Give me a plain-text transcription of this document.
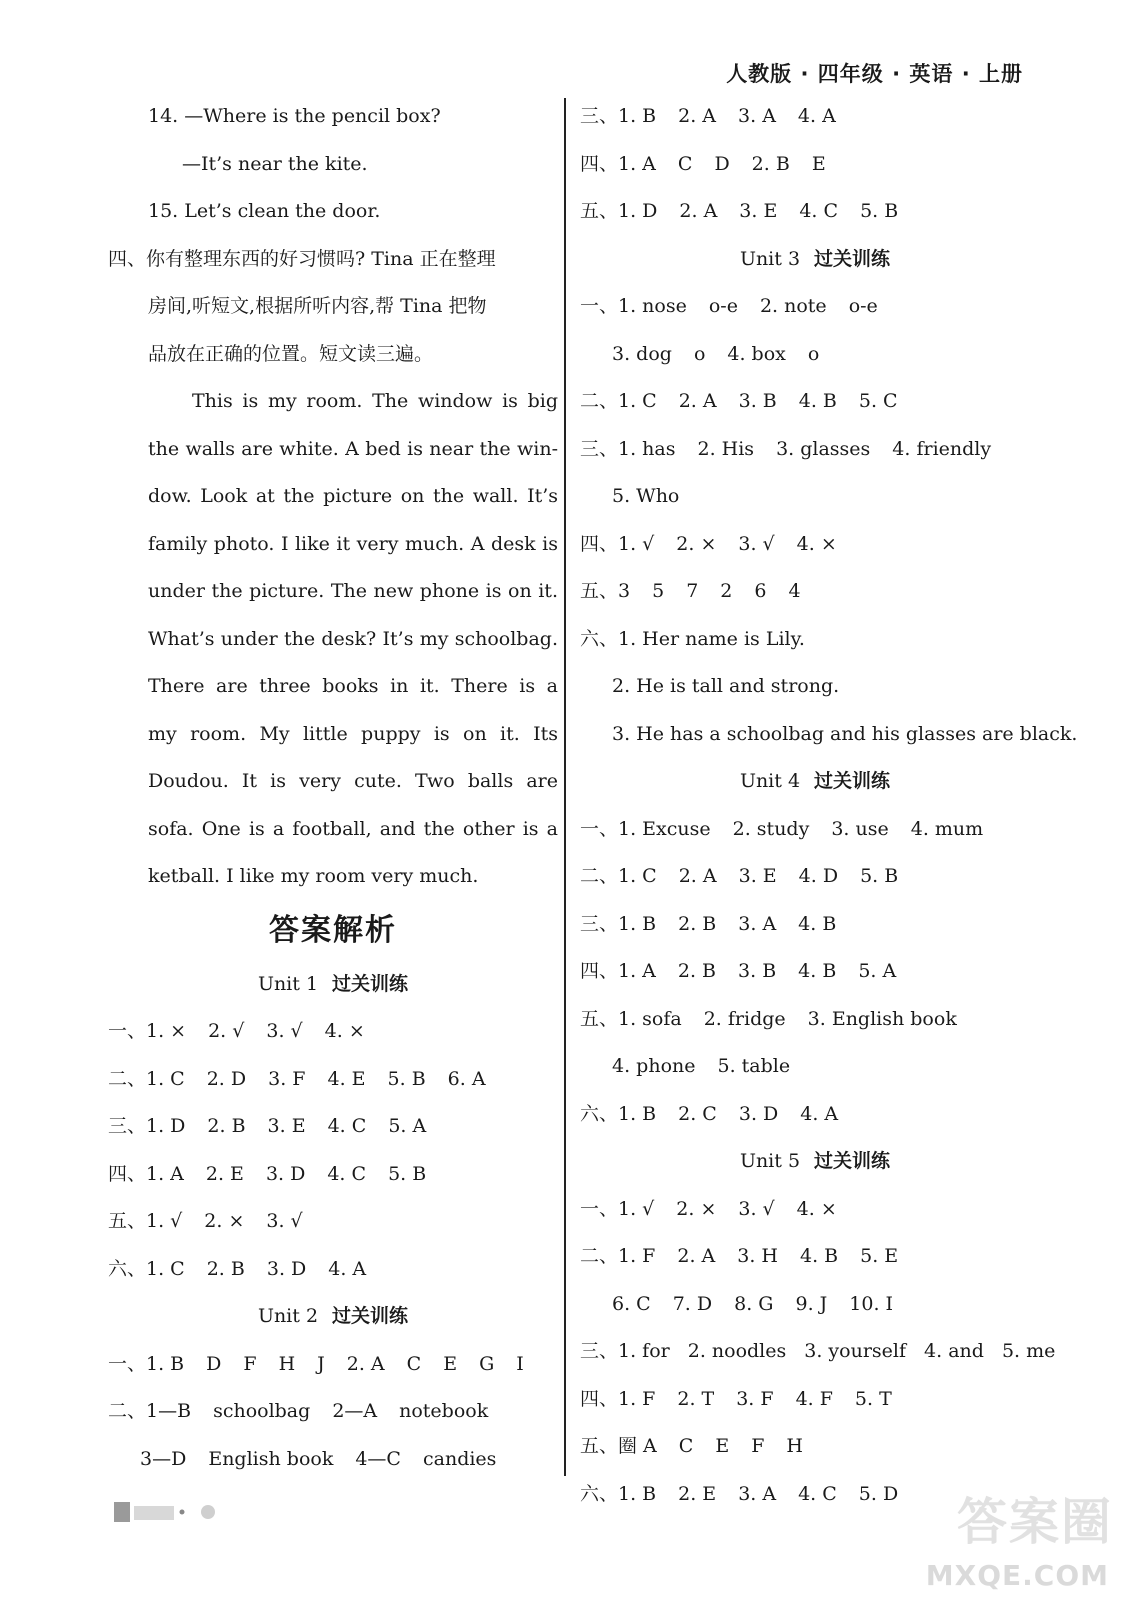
人教版 · 四年级 · 英语 · 上册
14. —Where is the pencil box?
—It’s near the kite.
15. Let’s clean the door.
四、你有整理东西的好习惯吗? Tina 正在整理
房间,听短文,根据所听内容,帮 Tina 把物
品放在正确的位置。短文读三遍。
This is my room. The window is big
the walls are white. A bed is near the win-
dow. Look at the picture on the wall. It’s
family photo. I like it very much. A desk is
under the picture. The new phone is on it.
What’s under the desk? It’s my schoolbag.
There are three books in it. There is a
my room. My little puppy is on it. Its
Doudou. It is very cute. Two balls are
sofa. One is a football, and the other is a
ketball. I like my room very much.
答案解析
Unit 1 过关训练
一、1. × 2. √ 3. √ 4. ×
二、1. C 2. D 3. F 4. E 5. B 6. A
三、1. D 2. B 3. E 4. C 5. A
四、1. A 2. E 3. D 4. C 5. B
五、1. √ 2. × 3. √
六、1. C 2. B 3. D 4. A
Unit 2 过关训练
一、1. B D F H J 2. A C E G I
二、1—B schoolbag 2—A notebook
3—D English book 4—C candies
三、1. B 2. A 3. A 4. A
四、1. A C D 2. B E
五、1. D 2. A 3. E 4. C 5. B
Unit 3 过关训练
一、1. nose o-e 2. note o-e
3. dog o 4. box o
二、1. C 2. A 3. B 4. B 5. C
三、1. has 2. His 3. glasses 4. friendly
5. Who
四、1. √ 2. × 3. √ 4. ×
五、3 5 7 2 6 4
六、1. Her name is Lily.
2. He is tall and strong.
3. He has a schoolbag and his glasses are black.
Unit 4 过关训练
一、1. Excuse 2. study 3. use 4. mum
二、1. C 2. A 3. E 4. D 5. B
三、1. B 2. B 3. A 4. B
四、1. A 2. B 3. B 4. B 5. A
五、1. sofa 2. fridge 3. English book
4. phone 5. table
六、1. B 2. C 3. D 4. A
Unit 5 过关训练
一、1. √ 2. × 3. √ 4. ×
二、1. F 2. A 3. H 4. B 5. E
6. C 7. D 8. G 9. J 10. I
三、1. for 2. noodles 3. yourself 4. and 5. me
四、1. F 2. T 3. F 4. F 5. T
五、圈 A C E F H
六、1. B 2. E 3. A 4. C 5. D	答案圈
MXQE.COM
